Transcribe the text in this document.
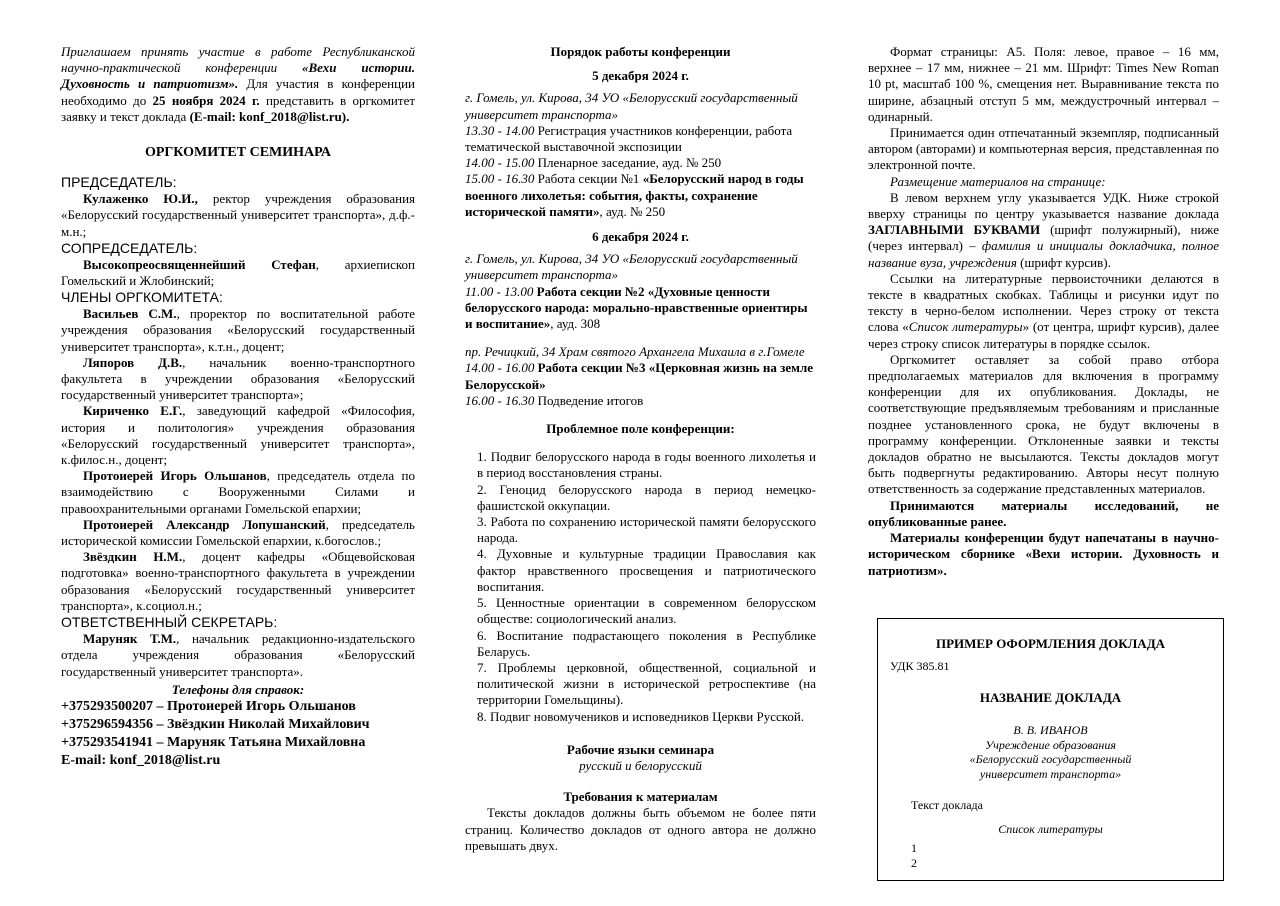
Приглашаем принять участие в работе Республиканской научно-практической конференции «Вехи истории. Духовность и патриотизм». Для участия в конференции необходимо до 25 ноября 2024 г. представить в оргкомитет заявку и текст доклада (E-mail: konf_2018@list.ru).

ОРГКОМИТЕТ СЕМИНАРА

ПРЕДСЕДАТЕЛЬ:

Кулаженко Ю.И., ректор учреждения образования «Белорусский государственный университет транспорта», д.ф.-м.н.;

СОПРЕДСЕДАТЕЛЬ:

Высокопреосвященнейший Стефан, архиепископ Гомельский и Жлобинский;

ЧЛЕНЫ ОРГКОМИТЕТА:

Васильев С.М., проректор по воспитательной работе учреждения образования «Белорусский государственный университет транспорта», к.т.н., доцент;

Ляпоров Д.В., начальник военно-транспортного факультета в учреждении образования «Белорусский государственный университет транспорта»;

Кириченко Е.Г., заведующий кафедрой «Философия, история и политология» учреждения образования «Белорусский государственный университет транспорта», к.филос.н., доцент;

Протоиерей Игорь Ольшанов, председатель отдела по взаимодействию с Вооруженными Силами и правоохранительными органами Гомельской епархии;

Протоиерей Александр Лопушанский, председатель исторической комиссии Гомельской епархии, к.богослов.;

Звёздкин Н.М., доцент кафедры «Общевойсковая подготовка» военно-транспортного факультета в учреждении образования «Белорусский государственный университет транспорта», к.социол.н.;

ОТВЕТСТВЕННЫЙ СЕКРЕТАРЬ:

Маруняк Т.М., начальник редакционно-издательского отдела учреждения образования «Белорусский государственный университет транспорта».

Телефоны для справок:

+375293500207 – Протоиерей Игорь Ольшанов

+375296594356 – Звёздкин Николай Михайлович

+375293541941 – Маруняк Татьяна Михайловна

E-mail: konf_2018@list.ru

Порядок работы конференции

5 декабря 2024 г.

г. Гомель, ул. Кирова, 34 УО «Белорусский государственный университет транспорта»

13.30 - 14.00 Регистрация участников конференции, работа тематической выставочной экспозиции

14.00 - 15.00 Пленарное заседание, ауд. № 250

15.00 - 16.30 Работа секции №1 «Белорусский народ в годы военного лихолетья: события, факты, сохранение исторической памяти», ауд. № 250

6 декабря 2024 г.

г. Гомель, ул. Кирова, 34 УО «Белорусский государственный университет транспорта»

11.00 - 13.00 Работа секции №2 «Духовные ценности белорусского народа: морально-нравственные ориентиры и воспитание», ауд. 308

пр. Речицкий, 34 Храм святого Архангела Михаила в г.Гомеле

14.00 - 16.00 Работа секции №3 «Церковная жизнь на земле Белорусской»

16.00 - 16.30 Подведение итогов

Проблемное поле конференции:

1. Подвиг белорусского народа в годы военного лихолетья и в период восстановления страны.
2. Геноцид белорусского народа в период немецко-фашистской оккупации.
3. Работа по сохранению исторической памяти белорусского народа.
4. Духовные и культурные традиции Православия как фактор нравственного просвещения и патриотического воспитания.
5. Ценностные ориентации в современном белорусском обществе: социологический анализ.
6. Воспитание подрастающего поколения в Республике Беларусь.
7. Проблемы церковной, общественной, социальной и политической жизни в исторической ретроспективе (на территории Гомельщины).
8. Подвиг новомучеников и исповедников Церкви Русской.

Рабочие языки семинара

русский и белорусский

Требования к материалам

Тексты докладов должны быть объемом не более пяти страниц. Количество докладов от одного автора не должно превышать двух.

Формат страницы: А5. Поля: левое, правое – 16 мм, верхнее – 17 мм, нижнее – 21 мм. Шрифт: Times New Roman 10 pt, масштаб 100 %, смещения нет. Выравнивание текста по ширине, абзацный отступ 5 мм, междустрочный интервал – одинарный.

Принимается один отпечатанный экземпляр, подписанный автором (авторами) и компьютерная версия, представленная по электронной почте.

Размещение материалов на странице:

В левом верхнем углу указывается УДК. Ниже строкой вверху страницы по центру указывается название доклада ЗАГЛАВНЫМИ БУКВАМИ (шрифт полужирный), ниже (через интервал) – фамилия и инициалы докладчика, полное название вуза, учреждения (шрифт курсив).

Ссылки на литературные первоисточники делаются в тексте в квадратных скобках. Таблицы и рисунки идут по тексту в черно-белом исполнении. Через строку от текста слова «Список литературы» (от центра, шрифт курсив), далее через строку список литературы в порядке ссылок.

Оргкомитет оставляет за собой право отбора предполагаемых материалов для включения в программу конференции для их опубликования. Доклады, не соответствующие предъявляемым требованиям и присланные позднее установленного срока, не будут включены в программу конференции. Отклоненные заявки и тексты докладов обратно не высылаются. Тексты докладов могут быть подвергнуты редактированию. Авторы несут полную ответственность за содержание представленных материалов.

Принимаются материалы исследований, не опубликованные ранее.

Материалы конференции будут напечатаны в научно-историческом сборнике «Вехи истории. Духовность и патриотизм».

ПРИМЕР ОФОРМЛЕНИЯ ДОКЛАДА
УДК 385.81
НАЗВАНИЕ ДОКЛАДА
В. В. ИВАНОВ
Учреждение образования
«Белорусский государственный
университет транспорта»
Текст доклада
Список литературы
1
2
